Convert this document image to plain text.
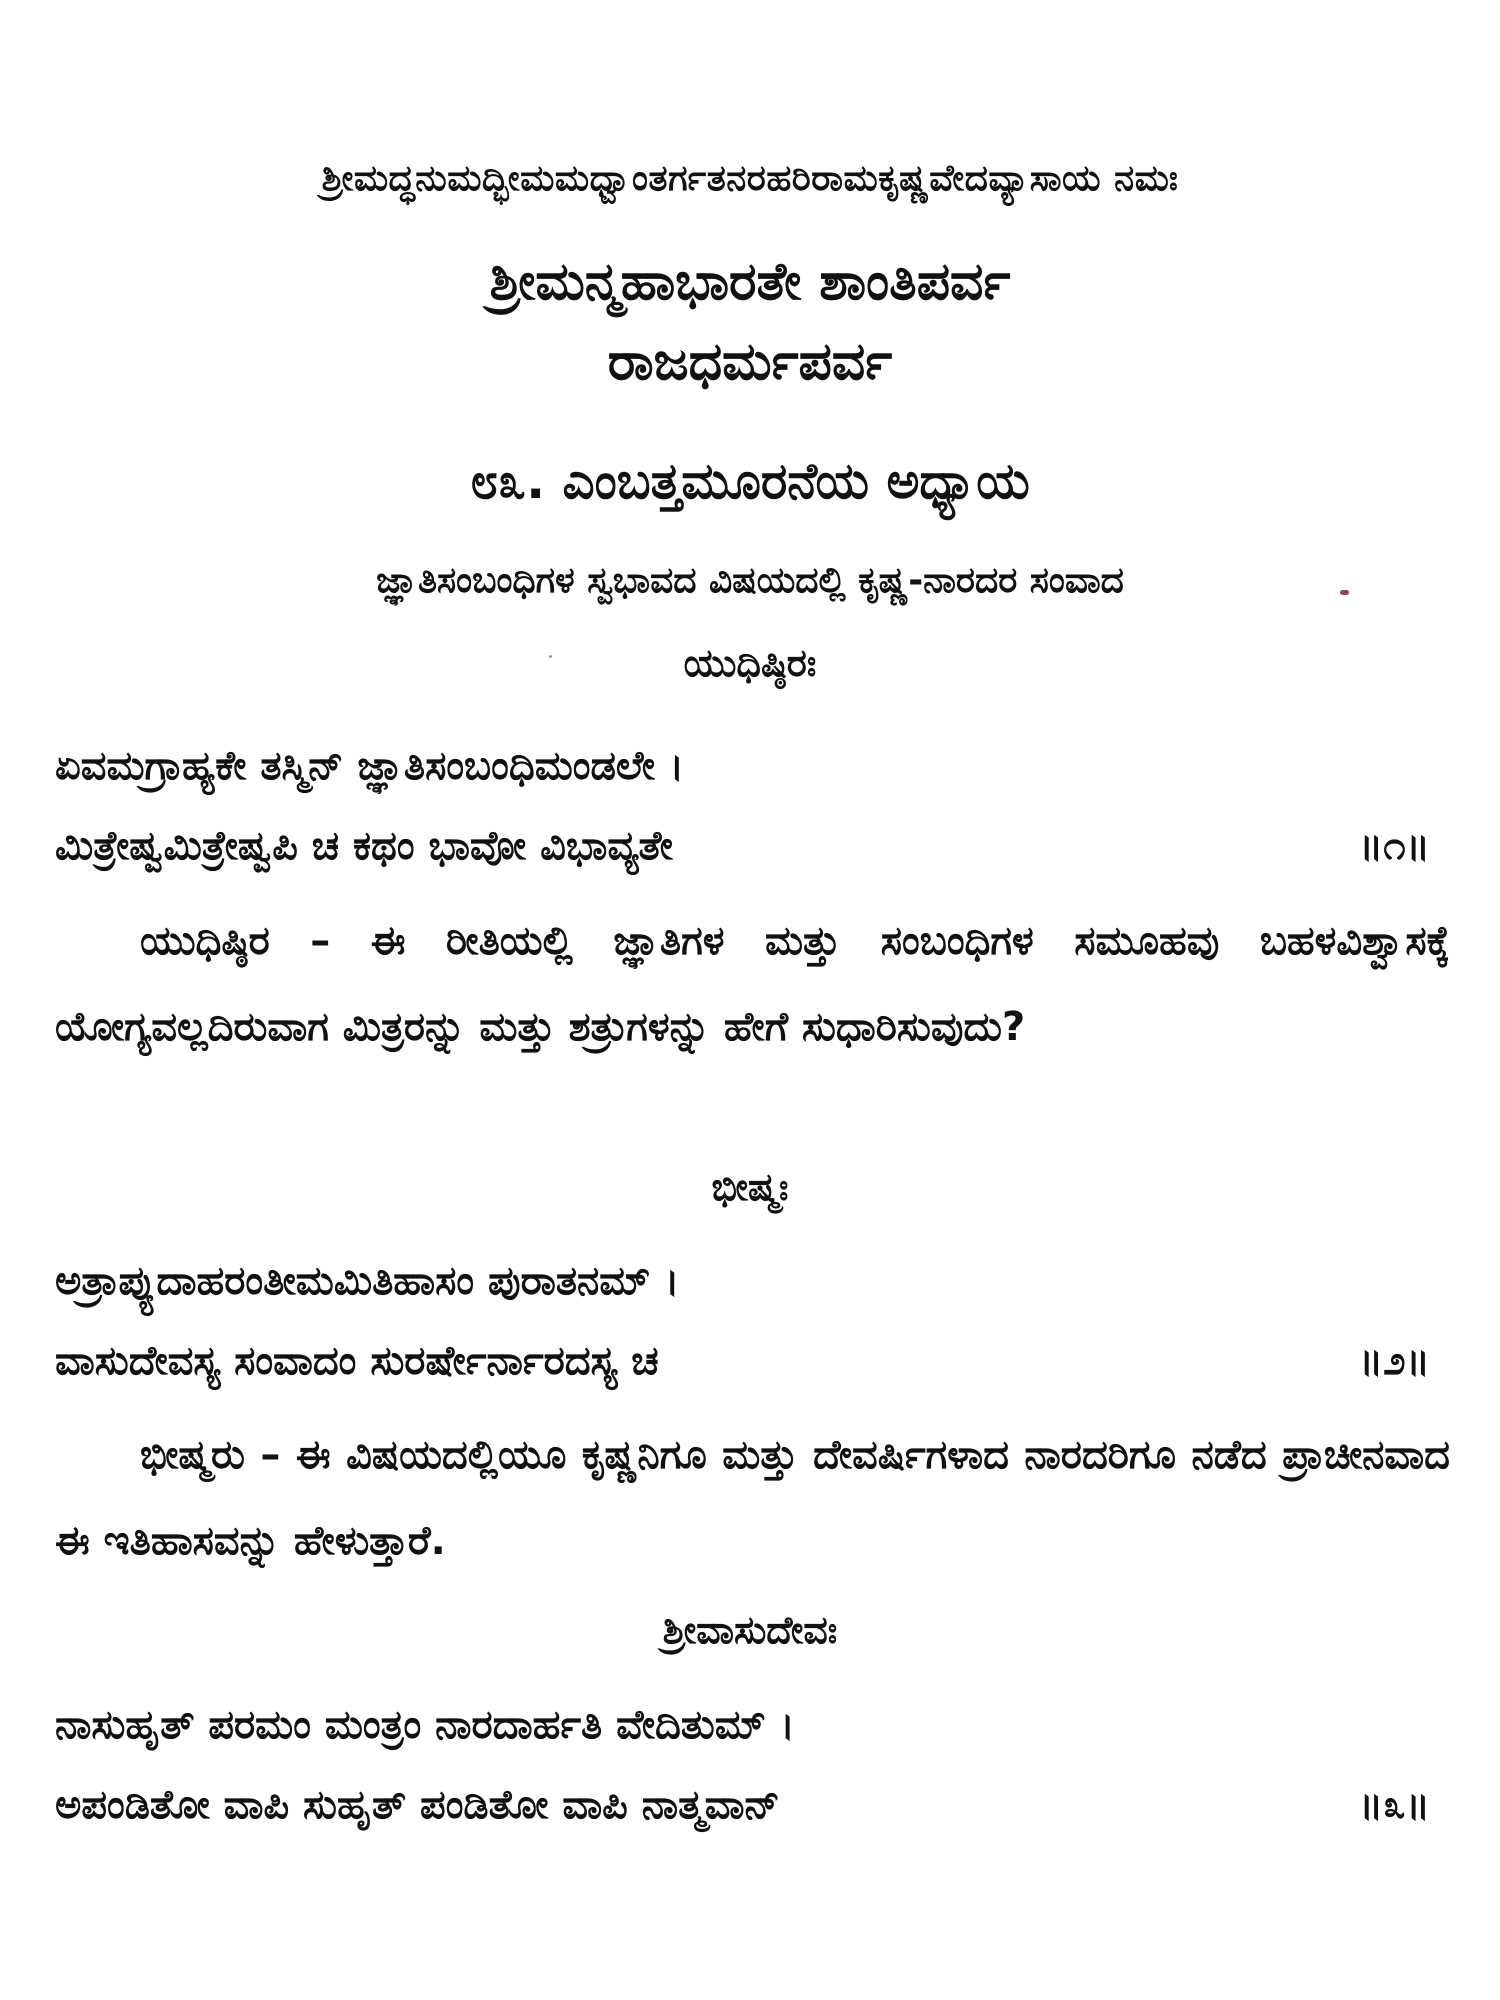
ಶ್ರೀಮದ್ಧನುಮದ್ಭೀಮಮಧ್ವಾಂತರ್ಗತನರಹರಿರಾಮಕೃಷ್ಣವೇದವ್ಯಾಸಾಯ ನಮಃ
ಶ್ರೀಮನ್ಮಹಾಭಾರತೇ ಶಾಂತಿಪರ್ವ
ರಾಜಧರ್ಮಪರ್ವ
೮೩. ಎಂಬತ್ತಮೂರನೆಯ ಅಧ್ಯಾಯ
ಜ್ಞಾತಿಸಂಬಂಧಿಗಳ ಸ್ವಭಾವದ ವಿಷಯದಲ್ಲಿ ಕೃಷ್ಣ-ನಾರದರ ಸಂವಾದ
ಯುಧಿಷ್ಠಿರಃ
ಏವಮಗ್ರಾಹ್ಯಕೇ ತಸ್ಮಿನ್ ಜ್ಞಾತಿಸಂಬಂಧಿಮಂಡಲೇ ।
ಮಿತ್ರೇಷ್ವಮಿತ್ರೇಷ್ವಪಿ ಚ ಕಥಂ ಭಾವೋ ವಿಭಾವ್ಯತೇ	॥೧॥
ಯುಧಿಷ್ಠಿರ – ಈ ರೀತಿಯಲ್ಲಿ ಜ್ಞಾತಿಗಳ ಮತ್ತು ಸಂಬಂಧಿಗಳ ಸಮೂಹವು ಬಹಳವಿಶ್ವಾಸಕ್ಕೆ ಯೋಗ್ಯವಲ್ಲದಿರುವಾಗ ಮಿತ್ರರನ್ನು ಮತ್ತು ಶತ್ರುಗಳನ್ನು ಹೇಗೆ ಸುಧಾರಿಸುವುದು?
ಭೀಷ್ಮಃ
ಅತ್ರಾಪ್ಯುದಾಹರಂತೀಮಮಿತಿಹಾಸಂ ಪುರಾತನಮ್ ।
ವಾಸುದೇವಸ್ಯ ಸಂವಾದಂ ಸುರರ್ಷೇರ್ನಾರದಸ್ಯ ಚ	॥೨॥
ಭೀಷ್ಮರು – ಈ ವಿಷಯದಲ್ಲಿಯೂ ಕೃಷ್ಣನಿಗೂ ಮತ್ತು ದೇವರ್ಷಿಗಳಾದ ನಾರದರಿಗೂ ನಡೆದ ಪ್ರಾಚೀನವಾದ ಈ ಇತಿಹಾಸವನ್ನು ಹೇಳುತ್ತಾರೆ.
ಶ್ರೀವಾಸುದೇವಃ
ನಾಸುಹೃತ್ ಪರಮಂ ಮಂತ್ರಂ ನಾರದಾರ್ಹತಿ ವೇದಿತುಮ್ ।
ಅಪಂಡಿತೋ ವಾಪಿ ಸುಹೃತ್ ಪಂಡಿತೋ ವಾಪಿ ನಾತ್ಮವಾನ್	॥೩॥
